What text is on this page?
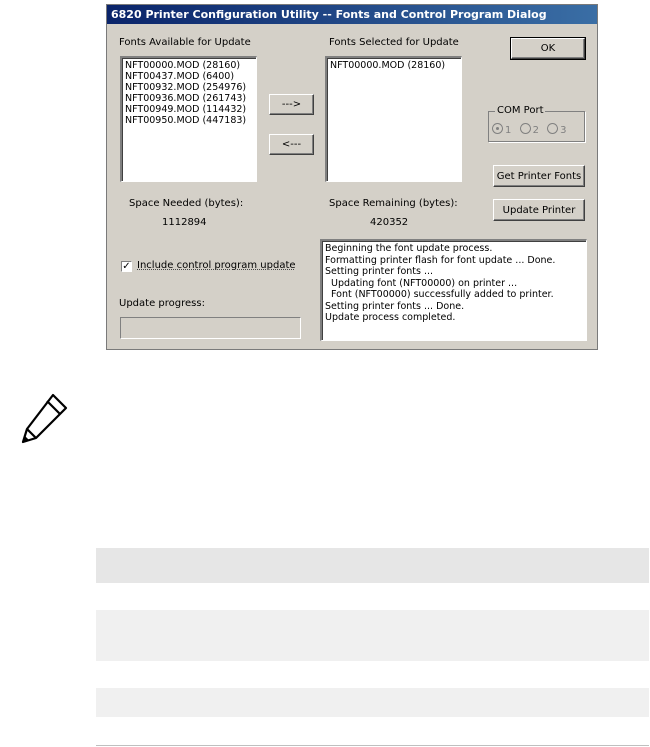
6820 Printer Configuration Utility -- Fonts and Control Program Dialog
Fonts Available for Update	Fonts Selected for Update
NFT00000.MOD (28160)
NFT00437.MOD (6400)
NFT00932.MOD (254976)
NFT00936.MOD (261743)
NFT00949.MOD (114432)
NFT00950.MOD (447183)
--->
<---
NFT00000.MOD (28160)
OK
COM Port
1 2 3
Get Printer Fonts
Update Printer
Space Needed (bytes):
1112894
Space Remaining (bytes):
420352
✓ Include control program update
Update progress:
Beginning the font update process.
Formatting printer flash for font update ... Done.
Setting printer fonts ...
Updating font (NFT00000) on printer ...
Font (NFT00000) successfully added to printer.
Setting printer fonts ... Done.
Update process completed.
